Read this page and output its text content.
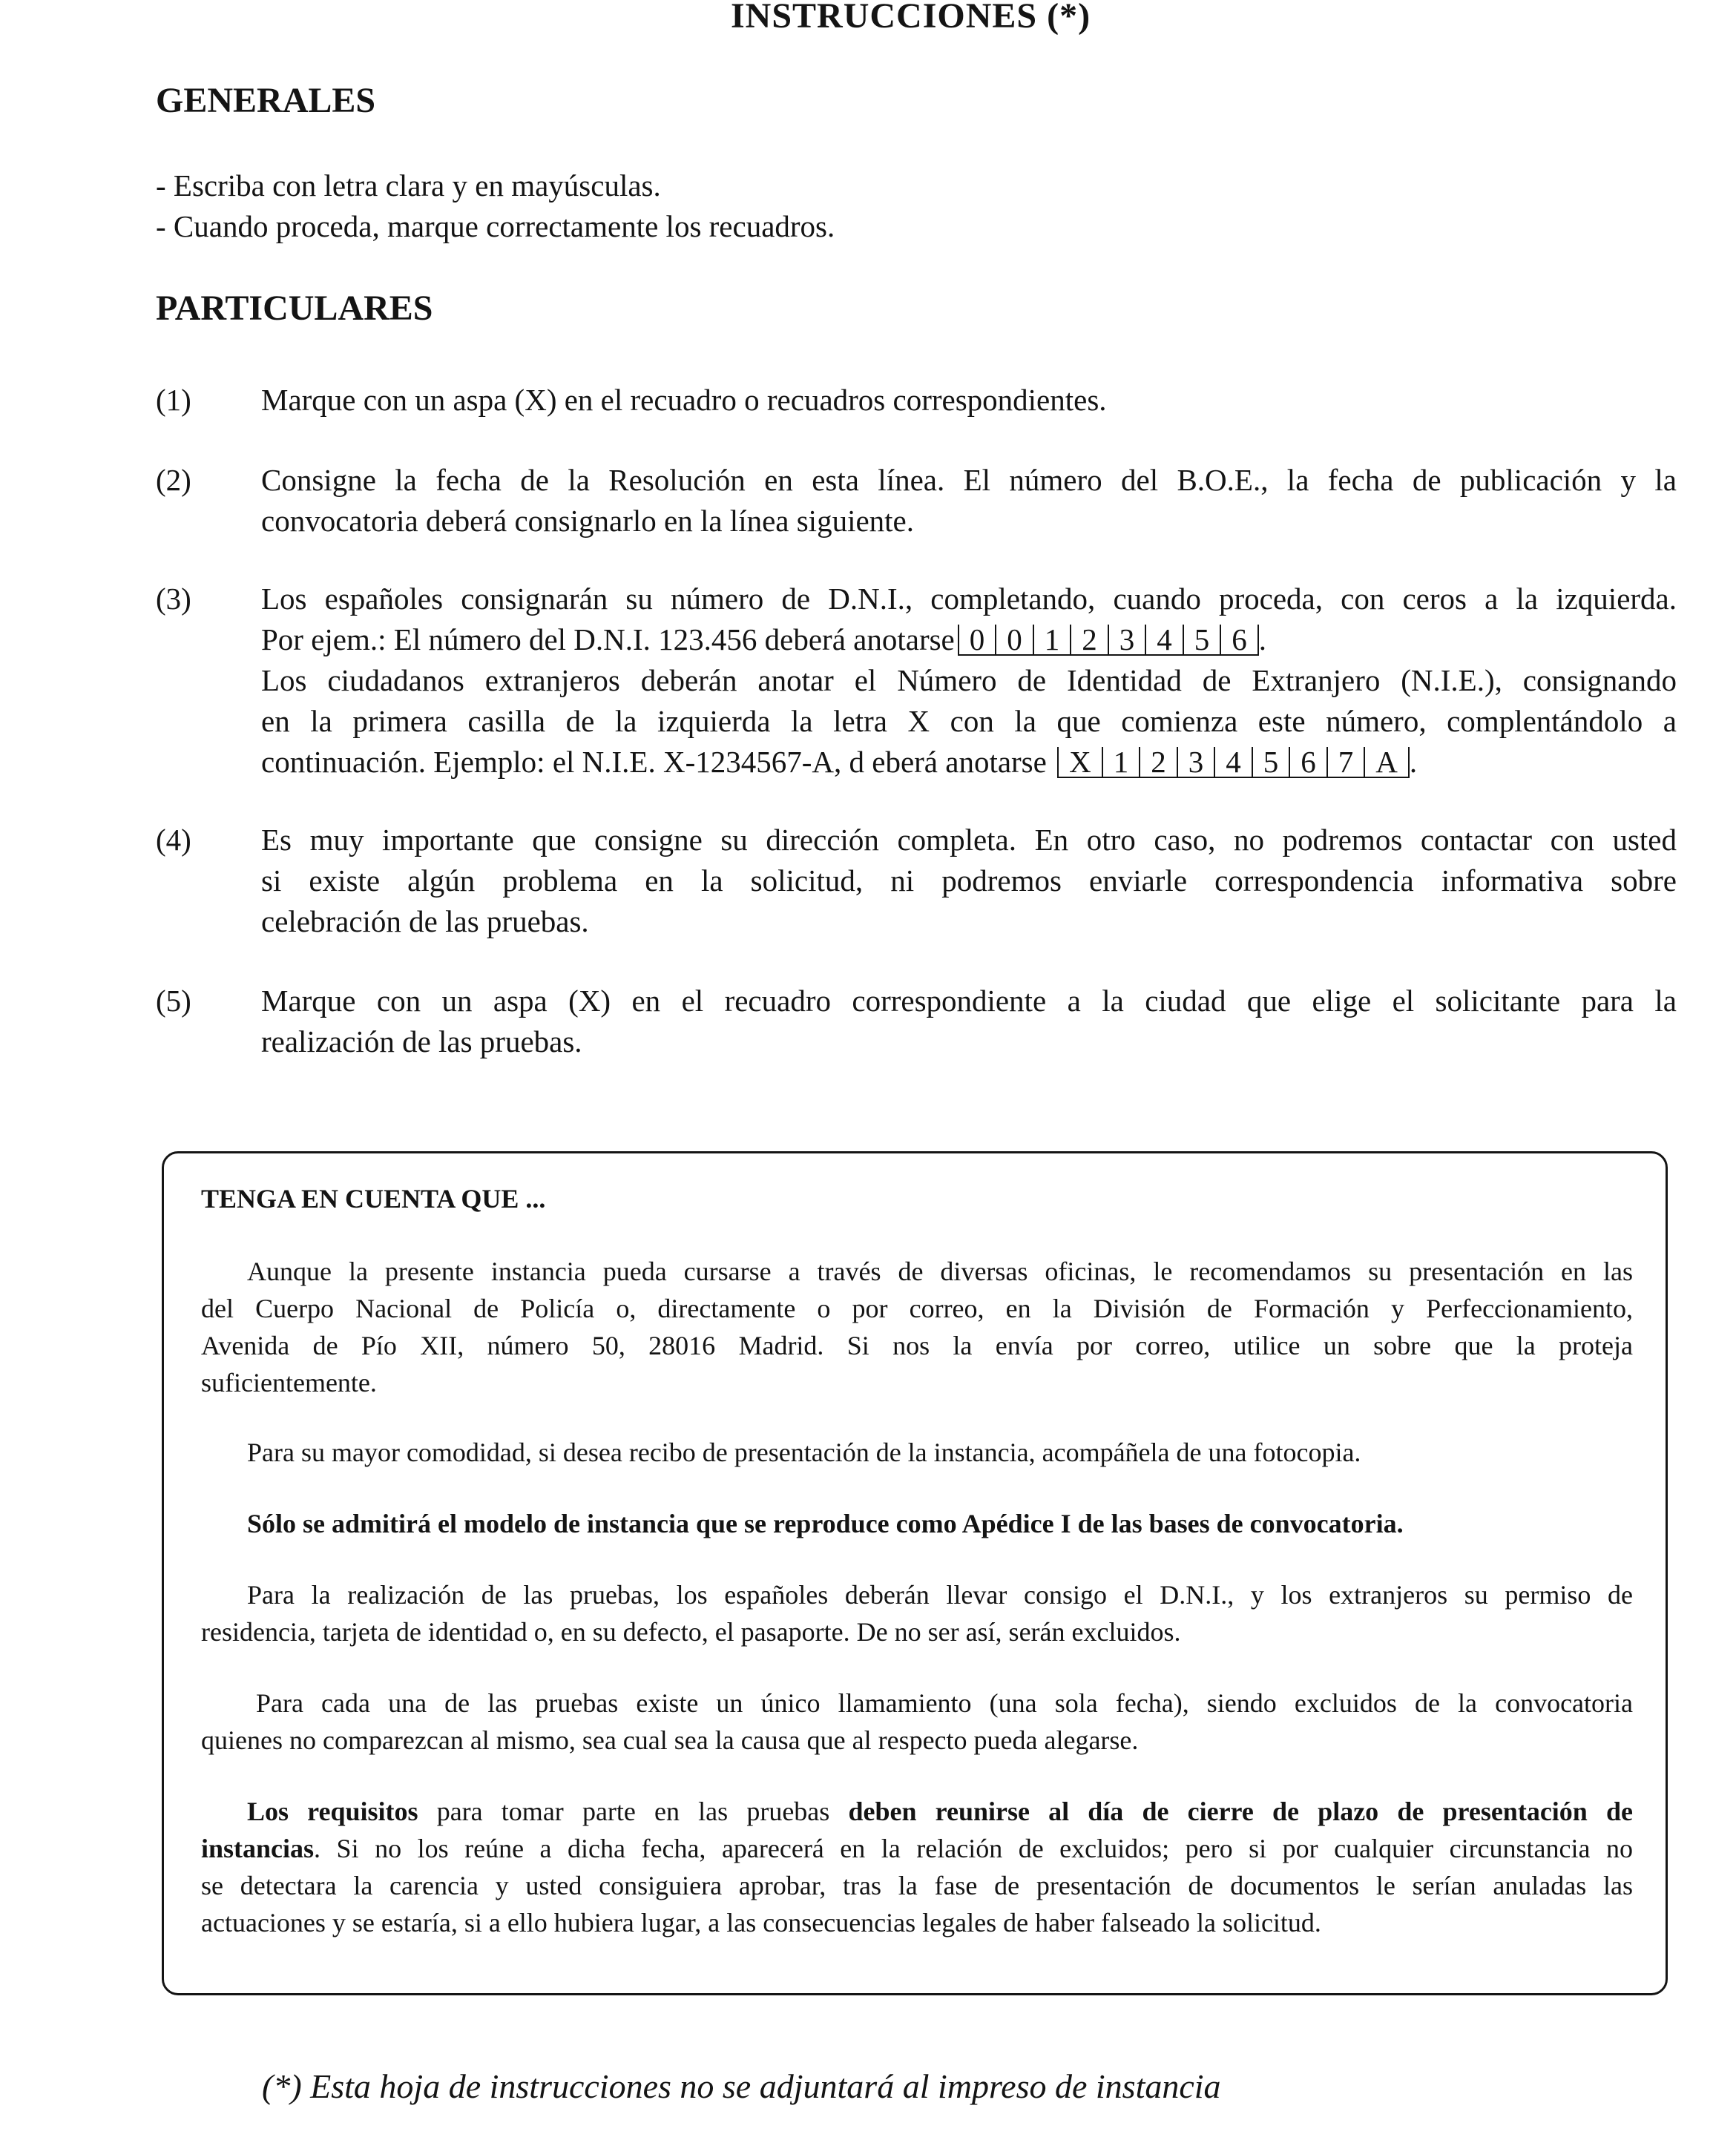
INSTRUCCIONES (*)
GENERALES
- Escriba con letra clara y en mayúsculas.
- Cuando proceda, marque correctamente los recuadros.
PARTICULARES
(1) Marque con un aspa (X) en el recuadro o recuadros correspondientes.
(2) Consigne la fecha de la Resolución en esta línea. El número del B.O.E., la fecha de publicación y la
convocatoria deberá consignarlo en la línea siguiente.
(3) Los españoles consignarán su número de D.N.I., completando, cuando proceda, con ceros a la izquierda.
Por ejem.: El número del D.N.I. 123.456 deberá anotarse 0 0 1 2 3 4 5 6 .
Los ciudadanos extranjeros deberán anotar el Número de Identidad de Extranjero (N.I.E.), consignando
en la primera casilla de la izquierda la letra X con la que comienza este número, complentándolo a
continuación. Ejemplo: el N.I.E. X-1234567-A, d eberá anotarse X 1 2 3 4 5 6 7 A .
(4) Es muy importante que consigne su dirección completa. En otro caso, no podremos contactar con usted
si existe algún problema en la solicitud, ni podremos enviarle correspondencia informativa sobre
celebración de las pruebas.
(5) Marque con un aspa (X) en el recuadro correspondiente a la ciudad que elige el solicitante para la
realización de las pruebas.
TENGA EN CUENTA QUE ...
Aunque la presente instancia pueda cursarse a través de diversas oficinas, le recomendamos su presentación en las
del Cuerpo Nacional de Policía o, directamente o por correo, en la División de Formación y Perfeccionamiento,
Avenida de Pío XII, número 50, 28016 Madrid. Si nos la envía por correo, utilice un sobre que la proteja
suficientemente.
Para su mayor comodidad, si desea recibo de presentación de la instancia, acompáñela de una fotocopia.
Sólo se admitirá el modelo de instancia que se reproduce como Apédice I de las bases de convocatoria.
Para la realización de las pruebas, los españoles deberán llevar consigo el D.N.I., y los extranjeros su permiso de
residencia, tarjeta de identidad o, en su defecto, el pasaporte. De no ser así, serán excluidos.
Para cada una de las pruebas existe un único llamamiento (una sola fecha), siendo excluidos de la convocatoria
quienes no comparezcan al mismo, sea cual sea la causa que al respecto pueda alegarse.
Los requisitos para tomar parte en las pruebas deben reunirse al día de cierre de plazo de presentación de
instancias. Si no los reúne a dicha fecha, aparecerá en la relación de excluidos; pero si por cualquier circunstancia no
se detectara la carencia y usted consiguiera aprobar, tras la fase de presentación de documentos le serían anuladas las
actuaciones y se estaría, si a ello hubiera lugar, a las consecuencias legales de haber falseado la solicitud.
(*) Esta hoja de instrucciones no se adjuntará al impreso de instancia
